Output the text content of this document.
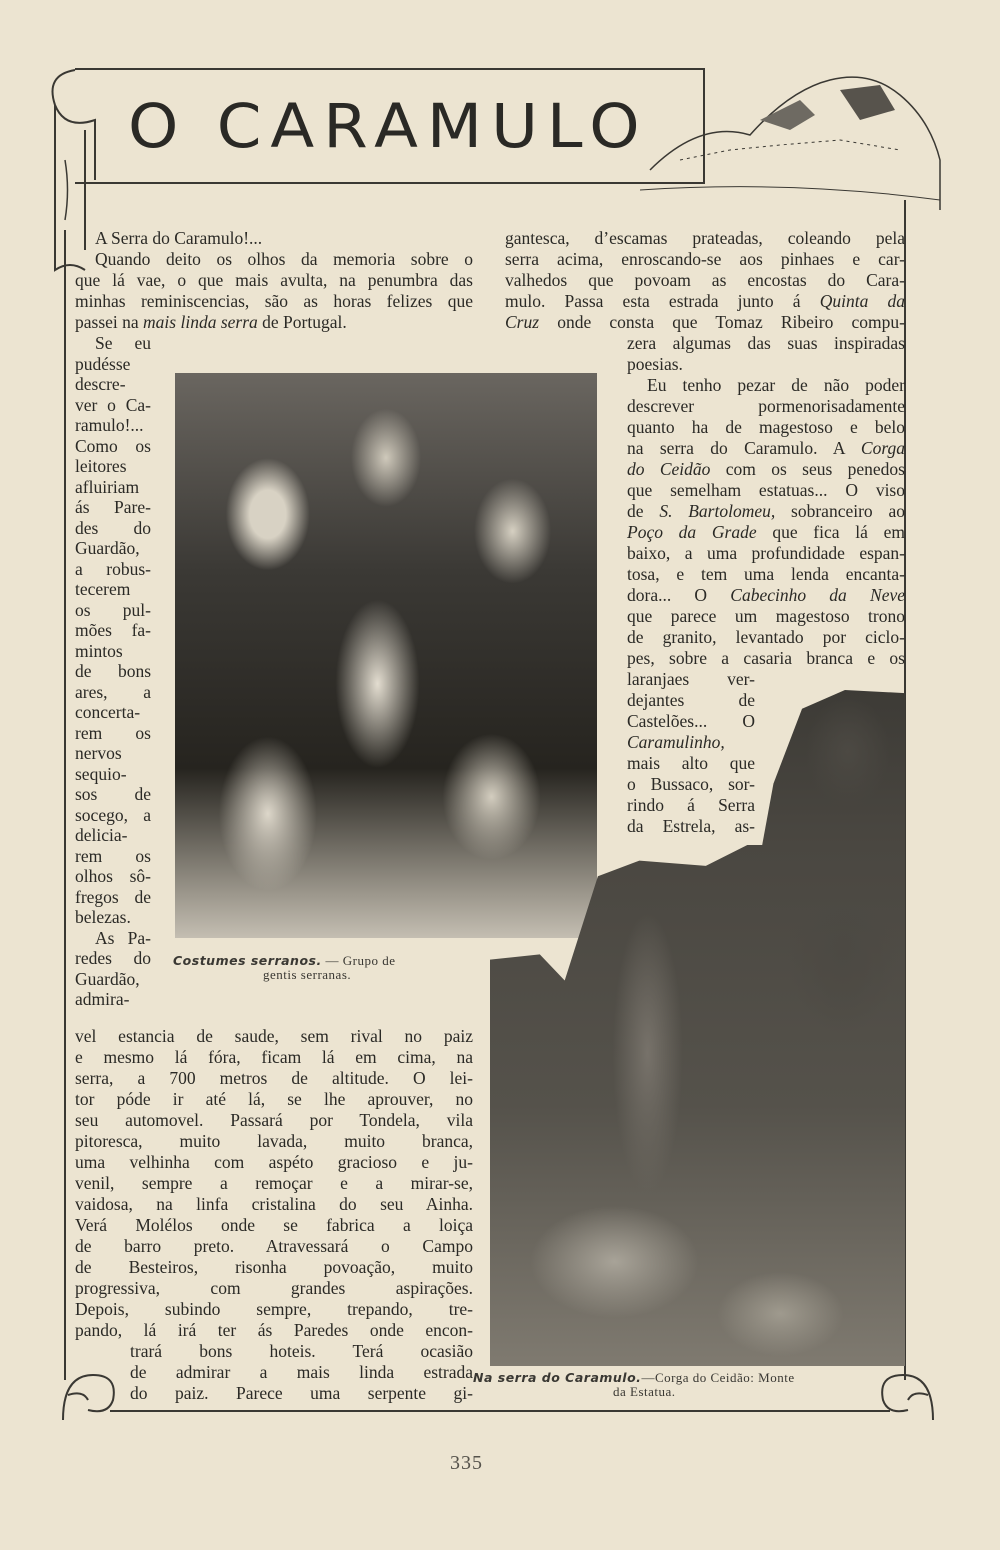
O CARAMULO
A Serra do Caramulo!...
Quando deito os olhos da memoria sobre o
que lá vae, o que mais avulta, na penumbra das
minhas reminiscencias, são as horas felizes que
passei na mais linda serra de Portugal.
Se eu
pudésse
descre-
ver o Ca-
ramulo!...
Como os
leitores
afluiriam
ás Pare-
des do
Guardão,
a robus-
tecerem
os pul-
mões fa-
mintos
de bons
ares, a
concerta-
rem os
nervos
sequio-
sos de
socego, a
delicia-
rem os
olhos sô-
fregos de
belezas.
As Pa-
redes do
Guardão,
admira-
vel estancia de saude, sem rival no paiz
e mesmo lá fóra, ficam lá em cima, na
serra, a 700 metros de altitude. O lei-
tor póde ir até lá, se lhe aprouver, no
seu automovel. Passará por Tondela, vila
pitoresca, muito lavada, muito branca,
uma velhinha com aspéto gracioso e ju-
venil, sempre a remoçar e a mirar-se,
vaidosa, na linfa cristalina do seu Ainha.
Verá Molélos onde se fabrica a loiça
de barro preto. Atravessará o Campo
de Besteiros, risonha povoação, muito
progressiva, com grandes aspirações.
Depois, subindo sempre, trepando, tre-
pando, lá irá ter ás Paredes onde encon-
trará bons hoteis. Terá ocasião
de admirar a mais linda estrada
do paiz. Parece uma serpente gi-
gantesca, d’escamas prateadas, coleando pela
serra acima, enroscando-se aos pinhaes e car-
valhedos que povoam as encostas do Cara-
mulo. Passa esta estrada junto á Quinta da
Cruz onde consta que Tomaz Ribeiro compu-
zera algumas das suas inspiradas
poesias.
Eu tenho pezar de não poder
descrever pormenorisadamente
quanto ha de magestoso e belo
na serra do Caramulo. A Corga
do Ceidão com os seus penedos
que semelham estatuas... O viso
de S. Bartolomeu, sobranceiro ao
Poço da Grade que fica lá em
baixo, a uma profundidade espan-
tosa, e tem uma lenda encanta-
dora... O Cabecinho da Neve
que parece um magestoso trono
de granito, levantado por ciclo-
pes, sobre a casaria branca e os
laranjaes ver-
dejantes de
Castelões... O
Caramulinho,
mais alto que
o Bussaco, sor-
rindo á Serra
da Estrela, as-
Costumes serranos. — Grupo de
gentis serranas.
Na serra do Caramulo.—Corga do Ceidão: Monte
da Estatua.
335
